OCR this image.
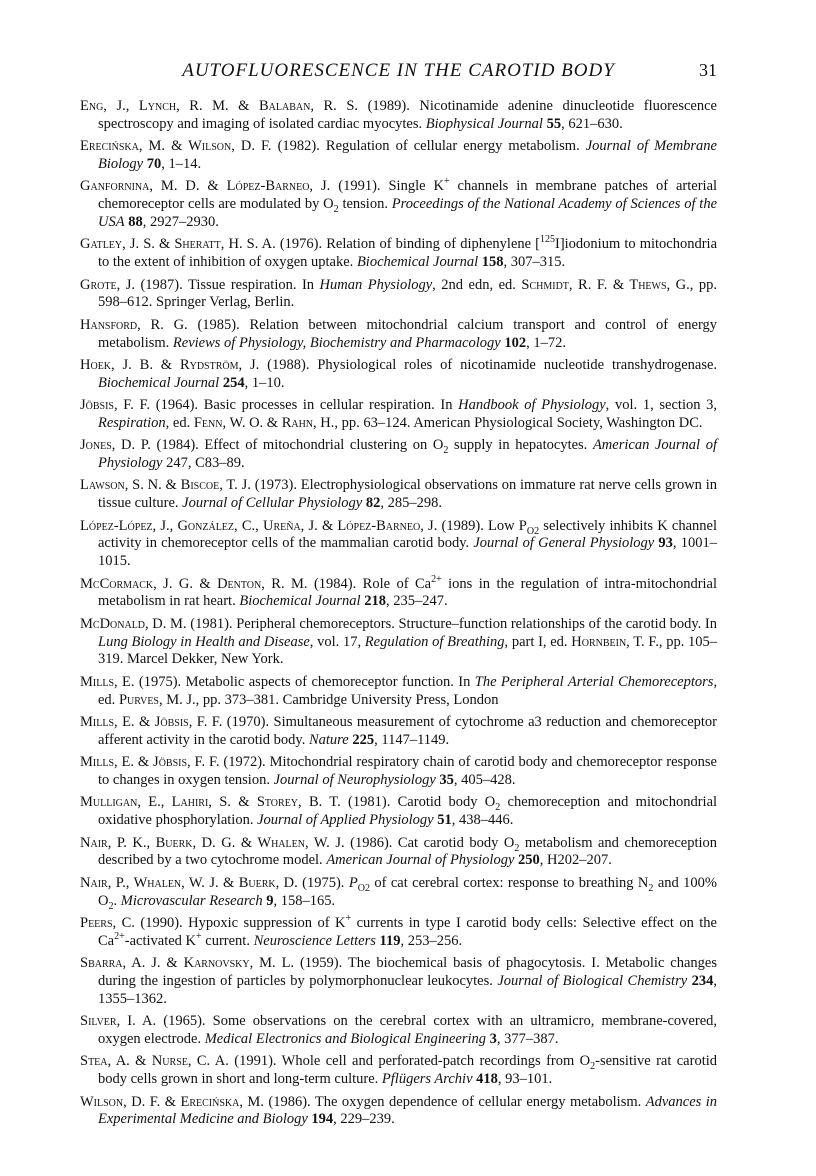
AUTOFLUORESCENCE IN THE CAROTID BODY	31

Eng, J., Lynch, R. M. & Balaban, R. S. (1989). Nicotinamide adenine dinucleotide fluorescence spectroscopy and imaging of isolated cardiac myocytes. Biophysical Journal 55, 621–630.

Erecińska, M. & Wilson, D. F. (1982). Regulation of cellular energy metabolism. Journal of Membrane Biology 70, 1–14.

Ganfornina, M. D. & López-Barneo, J. (1991). Single K+ channels in membrane patches of arterial chemoreceptor cells are modulated by $O_2$ tension. Proceedings of the National Academy of Sciences of the USA 88, 2927–2930.

Gatley, J. S. & Sheratt, H. S. A. (1976). Relation of binding of diphenylene [$^{125}$I]iodonium to mitochondria to the extent of inhibition of oxygen uptake. Biochemical Journal 158, 307–315.

Grote, J. (1987). Tissue respiration. In Human Physiology, 2nd edn, ed. Schmidt, R. F. & Thews, G., pp. 598–612. Springer Verlag, Berlin.

Hansford, R. G. (1985). Relation between mitochondrial calcium transport and control of energy metabolism. Reviews of Physiology, Biochemistry and Pharmacology 102, 1–72.

Hoek, J. B. & Rydström, J. (1988). Physiological roles of nicotinamide nucleotide transhydrogenase. Biochemical Journal 254, 1–10.

Jöbsis, F. F. (1964). Basic processes in cellular respiration. In Handbook of Physiology, vol. 1, section 3, Respiration, ed. Fenn, W. O. & Rahn, H., pp. 63–124. American Physiological Society, Washington DC.

Jones, D. P. (1984). Effect of mitochondrial clustering on $O_2$ supply in hepatocytes. American Journal of Physiology 247, C83–89.

Lawson, S. N. & Biscoe, T. J. (1973). Electrophysiological observations on immature rat nerve cells grown in tissue culture. Journal of Cellular Physiology 82, 285–298.

López-López, J., González, C., Ureña, J. & López-Barneo, J. (1989). Low $P_{O2}$ selectively inhibits K channel activity in chemoreceptor cells of the mammalian carotid body. Journal of General Physiology 93, 1001–1015.

McCormack, J. G. & Denton, R. M. (1984). Role of $Ca^{2+}$ ions in the regulation of intra-mitochondrial metabolism in rat heart. Biochemical Journal 218, 235–247.

McDonald, D. M. (1981). Peripheral chemoreceptors. Structure–function relationships of the carotid body. In Lung Biology in Health and Disease, vol. 17, Regulation of Breathing, part I, ed. Hornbein, T. F., pp. 105–319. Marcel Dekker, New York.

Mills, E. (1975). Metabolic aspects of chemoreceptor function. In The Peripheral Arterial Chemoreceptors, ed. Purves, M. J., pp. 373–381. Cambridge University Press, London

Mills, E. & Jöbsis, F. F. (1970). Simultaneous measurement of cytochrome a3 reduction and chemoreceptor afferent activity in the carotid body. Nature 225, 1147–1149.

Mills, E. & Jöbsis, F. F. (1972). Mitochondrial respiratory chain of carotid body and chemoreceptor response to changes in oxygen tension. Journal of Neurophysiology 35, 405–428.

Mulligan, E., Lahiri, S. & Storey, B. T. (1981). Carotid body $O_2$ chemoreception and mitochondrial oxidative phosphorylation. Journal of Applied Physiology 51, 438–446.

Nair, P. K., Buerk, D. G. & Whalen, W. J. (1986). Cat carotid body $O_2$ metabolism and chemoreception described by a two cytochrome model. American Journal of Physiology 250, H202–207.

Nair, P., Whalen, W. J. & Buerk, D. (1975). $P_{O2}$ of cat cerebral cortex: response to breathing $N_2$ and 100% $O_2$. Microvascular Research 9, 158–165.

Peers, C. (1990). Hypoxic suppression of K+ currents in type I carotid body cells: Selective effect on the $Ca^{2+}$-activated K+ current. Neuroscience Letters 119, 253–256.

Sbarra, A. J. & Karnovsky, M. L. (1959). The biochemical basis of phagocytosis. I. Metabolic changes during the ingestion of particles by polymorphonuclear leukocytes. Journal of Biological Chemistry 234, 1355–1362.

Silver, I. A. (1965). Some observations on the cerebral cortex with an ultramicro, membrane-covered, oxygen electrode. Medical Electronics and Biological Engineering 3, 377–387.

Stea, A. & Nurse, C. A. (1991). Whole cell and perforated-patch recordings from $O_2$-sensitive rat carotid body cells grown in short and long-term culture. Pflügers Archiv 418, 93–101.

Wilson, D. F. & Erecińska, M. (1986). The oxygen dependence of cellular energy metabolism. Advances in Experimental Medicine and Biology 194, 229–239.
